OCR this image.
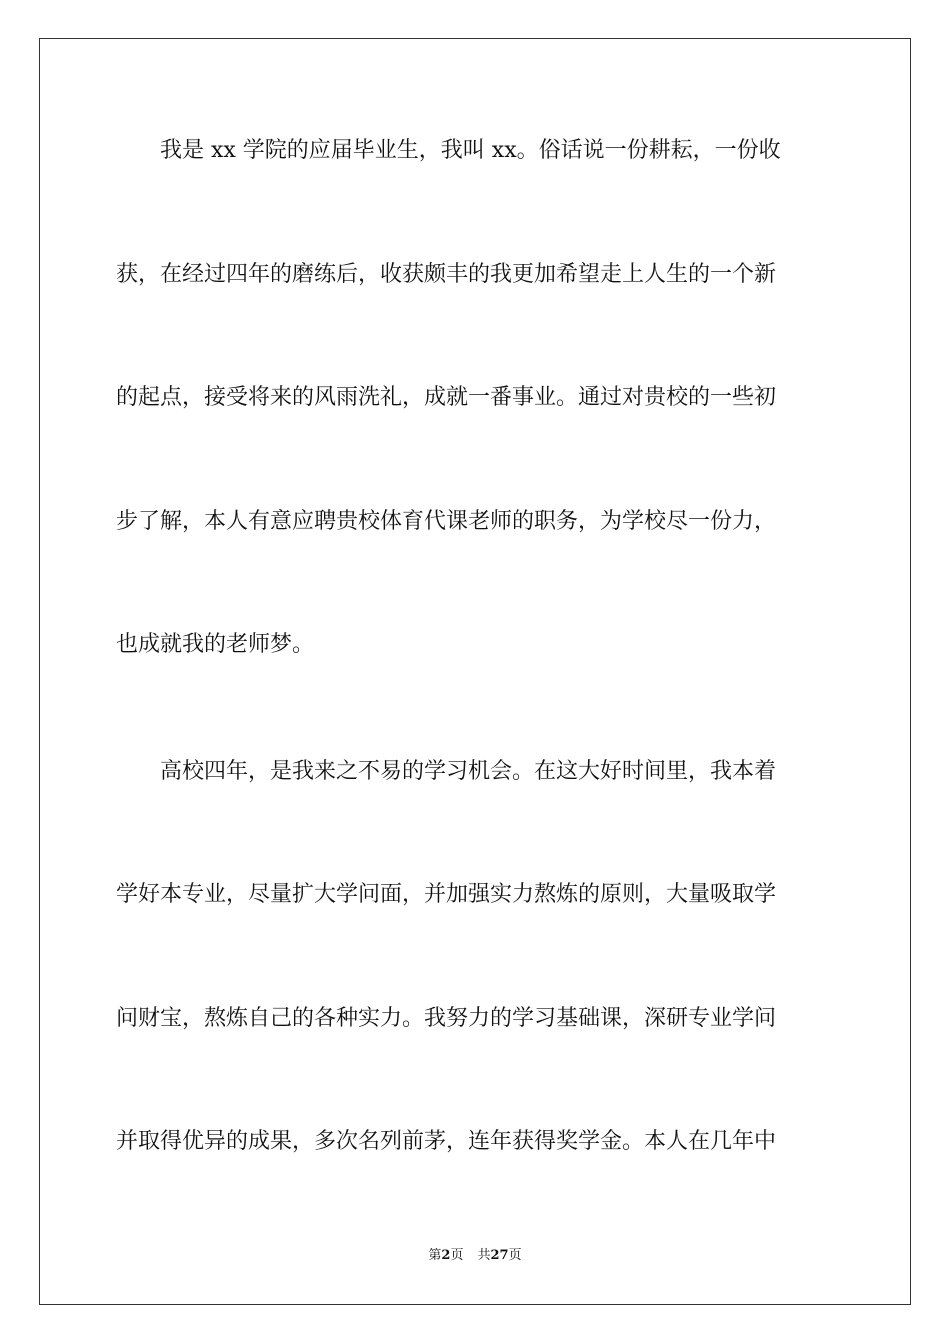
　　我是 xx 学院的应届毕业生，我叫 xx。俗话说一份耕耘，一份收
获，在经过四年的磨练后，收获颇丰的我更加希望走上人生的一个新
的起点，接受将来的风雨洗礼，成就一番事业。通过对贵校的一些初
步了解，本人有意应聘贵校体育代课老师的职务，为学校尽一份力，
也成就我的老师梦。
　　高校四年，是我来之不易的学习机会。在这大好时间里，我本着
学好本专业，尽量扩大学问面，并加强实力熬炼的原则，大量吸取学
问财宝，熬炼自己的各种实力。我努力的学习基础课，深研专业学问
并取得优异的成果，多次名列前茅，连年获得奖学金。本人在几年中
第2页 共27页
